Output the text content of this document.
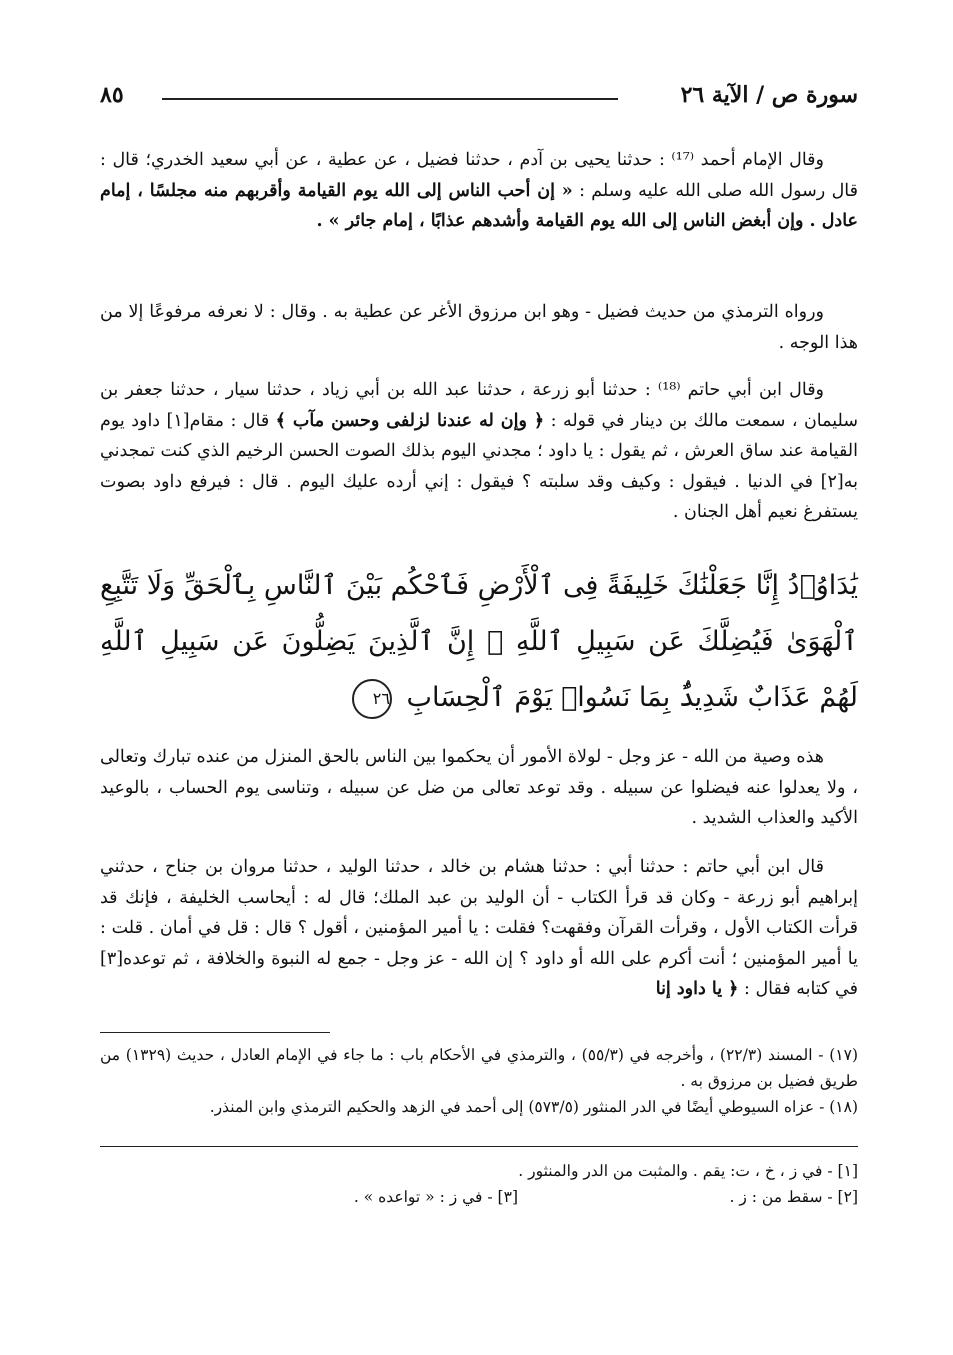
سورة ص / الآية ٢٦
٨٥

وقال الإمام أحمد ⁽¹⁷⁾ : حدثنا يحيى بن آدم ، حدثنا فضيل ، عن عطية ، عن أبي سعيد الخدري؛ قال : قال رسول الله صلى الله عليه وسلم : « إن أحب الناس إلى الله يوم القيامة وأقربهم منه مجلسًا ، إمام عادل . وإن أبغض الناس إلى الله يوم القيامة وأشدهم عذابًا ، إمام جائر » .

ورواه الترمذي من حديث فضيل - وهو ابن مرزوق الأغر عن عطية به . وقال : لا نعرفه مرفوعًا إلا من هذا الوجه .

وقال ابن أبي حاتم ⁽¹⁸⁾ : حدثنا أبو زرعة ، حدثنا عبد الله بن أبي زياد ، حدثنا سيار ، حدثنا جعفر بن سليمان ، سمعت مالك بن دينار في قوله : ﴿ وإن له عندنا لزلفى وحسن مآب ﴾ قال : مقام[١] داود يوم القيامة عند ساق العرش ، ثم يقول : يا داود ؛ مجدني اليوم بذلك الصوت الحسن الرخيم الذي كنت تمجدني به[٢] في الدنيا . فيقول : وكيف وقد سلبته ؟ فيقول : إني أرده عليك اليوم . قال : فيرفع داود بصوت يستفرغ نعيم أهل الجنان .

يَٰدَاوُۥدُ إِنَّا جَعَلْنَٰكَ خَلِيفَةً فِى ٱلْأَرْضِ فَٱحْكُم بَيْنَ ٱلنَّاسِ بِٱلْحَقِّ وَلَا تَتَّبِعِ ٱلْهَوَىٰ فَيُضِلَّكَ عَن سَبِيلِ ٱللَّهِ ۚ إِنَّ ٱلَّذِينَ يَضِلُّونَ عَن سَبِيلِ ٱللَّهِ لَهُمْ عَذَابٌ شَدِيدٌۢ بِمَا نَسُوا۟ يَوْمَ ٱلْحِسَابِ ٢٦

هذه وصية من الله - عز وجل - لولاة الأمور أن يحكموا بين الناس بالحق المنزل من عنده تبارك وتعالى ، ولا يعدلوا عنه فيضلوا عن سبيله . وقد توعد تعالى من ضل عن سبيله ، وتناسى يوم الحساب ، بالوعيد الأكيد والعذاب الشديد .

قال ابن أبي حاتم : حدثنا أبي : حدثنا هشام بن خالد ، حدثنا الوليد ، حدثنا مروان بن جناح ، حدثني إبراهيم أبو زرعة - وكان قد قرأ الكتاب - أن الوليد بن عبد الملك؛ قال له : أيحاسب الخليفة ، فإنك قد قرأت الكتاب الأول ، وقرأت القرآن وفقهت؟ فقلت : يا أمير المؤمنين ، أقول ؟ قال : قل في أمان . قلت : يا أمير المؤمنين ؛ أنت أكرم على الله أو داود ؟ إن الله - عز وجل - جمع له النبوة والخلافة ، ثم توعده[٣] في كتابه فقال : ﴿ يا داود إنا

(١٧) - المسند (٢٢/٣) ، وأخرجه في (٥٥/٣) ، والترمذي في الأحكام باب : ما جاء في الإمام العادل ، حديث (١٣٢٩) من طريق فضيل بن مرزوق به .

(١٨) - عزاه السيوطي أيضًا في الدر المنثور (٥٧٣/٥) إلى أحمد في الزهد والحكيم الترمذي وابن المنذر.

[١] - في ز ، خ ، ت: يقم . والمثبت من الدر والمنثور .

[٢] - سقط من : ز .
[٣] - في ز : « تواعده » .
